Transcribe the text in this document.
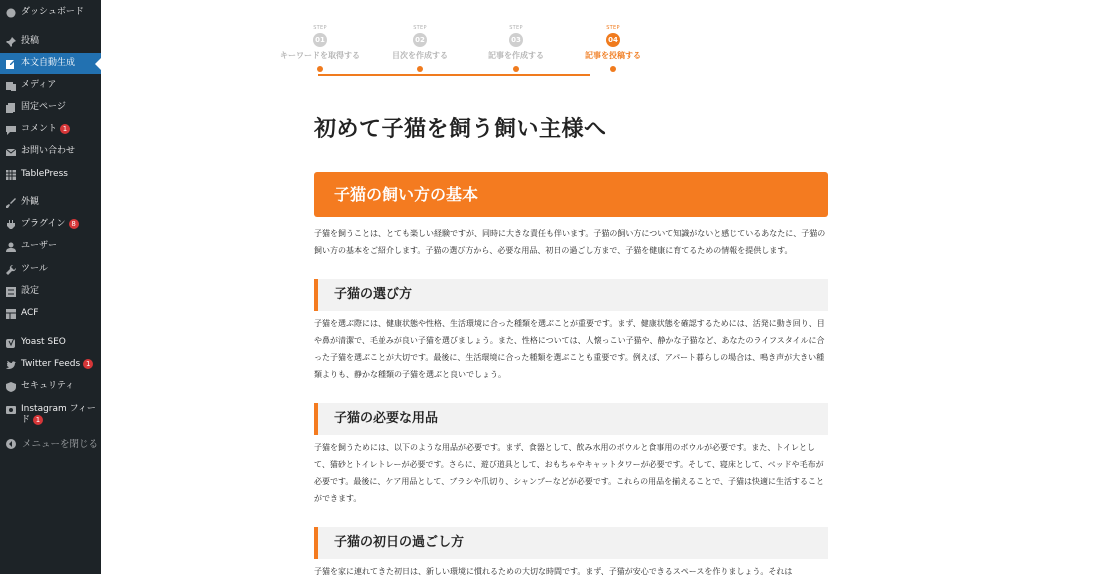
ダッシュボード
投稿
本文自動生成
メディア
固定ページ
コメント 1
お問い合わせ
TablePress
外観
プラグイン 8
ユーザー
ツール
設定
ACF
Yoast SEO
Twitter Feeds 1
セキュリティ
Instagram フィード 1
メニューを閉じる
STEP
01
キーワードを取得する
STEP
02
目次を作成する
STEP
03
記事を作成する
STEP
04
記事を投稿する
初めて子猫を飼う飼い主様へ
子猫の飼い方の基本

子猫を飼うことは、とても楽しい経験ですが、同時に大きな責任も伴います。子猫の飼い方について知識がないと感じているあなたに、子猫の飼い方の基本をご紹介します。子猫の選び方から、必要な用品、初日の過ごし方まで、子猫を健康に育てるための情報を提供します。

子猫の選び方

子猫を選ぶ際には、健康状態や性格、生活環境に合った種類を選ぶことが重要です。まず、健康状態を確認するためには、活発に動き回り、目や鼻が清潔で、毛並みが良い子猫を選びましょう。また、性格については、人懐っこい子猫や、静かな子猫など、あなたのライフスタイルに合った子猫を選ぶことが大切です。最後に、生活環境に合った種類を選ぶことも重要です。例えば、アパート暮らしの場合は、鳴き声が大きい種類よりも、静かな種類の子猫を選ぶと良いでしょう。

子猫の必要な用品

子猫を飼うためには、以下のような用品が必要です。まず、食器として、飲み水用のボウルと食事用のボウルが必要です。また、トイレとして、猫砂とトイレトレーが必要です。さらに、遊び道具として、おもちゃやキャットタワーが必要です。そして、寝床として、ベッドや毛布が必要です。最後に、ケア用品として、ブラシや爪切り、シャンプーなどが必要です。これらの用品を揃えることで、子猫は快適に生活することができます。

子猫の初日の過ごし方

子猫を家に連れてきた初日は、新しい環境に慣れるための大切な時間です。まず、子猫が安心できるスペースを作りましょう。それは
